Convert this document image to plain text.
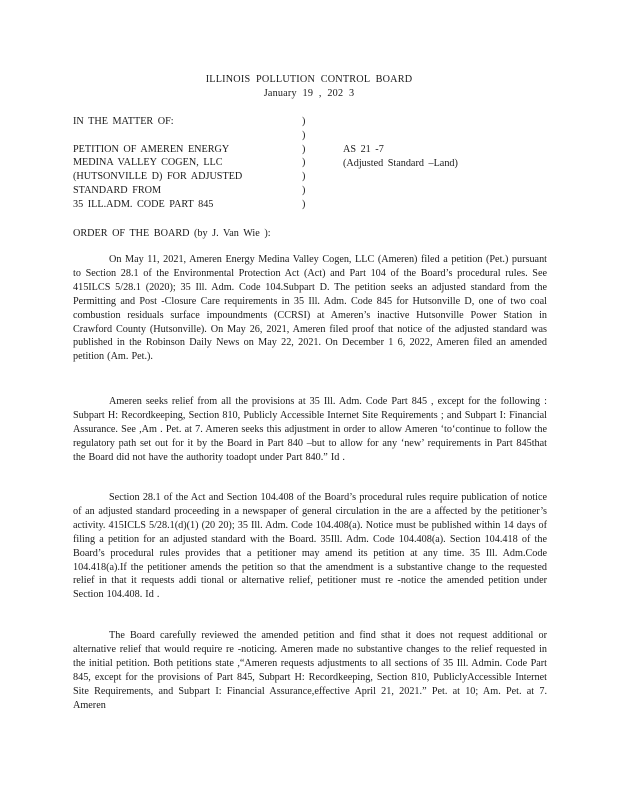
ILLINOIS POLLUTION CONTROL BOARD
January 19 , 202 3
IN THE MATTER OF:
PETITION OF AMEREN ENERGY
MEDINA VALLEY COGEN, LLC
(HUTSONVILLE D) FOR ADJUSTED
STANDARD FROM
35 ILL.ADM. CODE PART 845
)
)
)
)
)
)
)
AS 21 -7
(Adjusted Standard –Land)
ORDER OF THE BOARD (by J. Van Wie ):

On May 11, 2021, Ameren Energy Medina Valley Cogen, LLC (Ameren) filed a petition (Pet.) pursuant to Section 28.1 of the Environmental Protection Act (Act) and Part 104 of the Board’s procedural rules. See 415ILCS 5/28.1 (2020); 35 Ill. Adm. Code 104.Subpart D. The petition seeks an adjusted standard from the Permitting and Post -Closure Care requirements in 35 Ill. Adm. Code 845 for Hutsonville D, one of two coal combustion residuals surface impoundments (CCRSI) at Ameren’s inactive Hutsonville Power Station in Crawford County (Hutsonville). On May 26, 2021, Ameren filed proof that notice of the adjusted standard was published in the Robinson Daily News on May 22, 2021. On December 1 6, 2022, Ameren filed an amended petition (Am. Pet.).

Ameren seeks relief from all the provisions at 35 Ill. Adm. Code Part 845 , except for the following : Subpart H: Recordkeeping, Section 810, Publicly Accessible Internet Site Requirements ; and Subpart I: Financial Assurance. See ,Am . Pet. at 7. Ameren seeks this adjustment in order to allow Ameren ‘to‘continue to follow the regulatory path set out for it by the Board in Part 840 –but to allow for any ‘new’ requirements in Part 845that the Board did not have the authority toadopt under Part 840.” Id .

Section 28.1 of the Act and Section 104.408 of the Board’s procedural rules require publication of notice of an adjusted standard proceeding in a newspaper of general circulation in the are a affected by the petitioner’s activity. 415ICLS 5/28.1(d)(1) (20 20); 35 Ill. Adm. Code 104.408(a). Notice must be published within 14 days of filing a petition for an adjusted standard with the Board. 35Ill. Adm. Code 104.408(a). Section 104.418 of the Board’s procedural rules provides that a petitioner may amend its petition at any time. 35 Ill. Adm.Code 104.418(a).If the petitioner amends the petition so that the amendment is a substantive change to the requested relief in that it requests addi tional or alternative relief, petitioner must re -notice the amended petition under Section 104.408. Id .

The Board carefully reviewed the amended petition and find sthat it does not request additional or alternative relief that would require re -noticing. Ameren made no substantive changes to the relief requested in the initial petition. Both petitions state ,“Ameren requests adjustments to all sections of 35 Ill. Admin. Code Part 845, except for the provisions of Part 845, Subpart H: Recordkeeping, Section 810, PubliclyAccessible Internet Site Requirements, and Subpart I: Financial Assurance,effective April 21, 2021.” Pet. at 10; Am. Pet. at 7. Ameren
